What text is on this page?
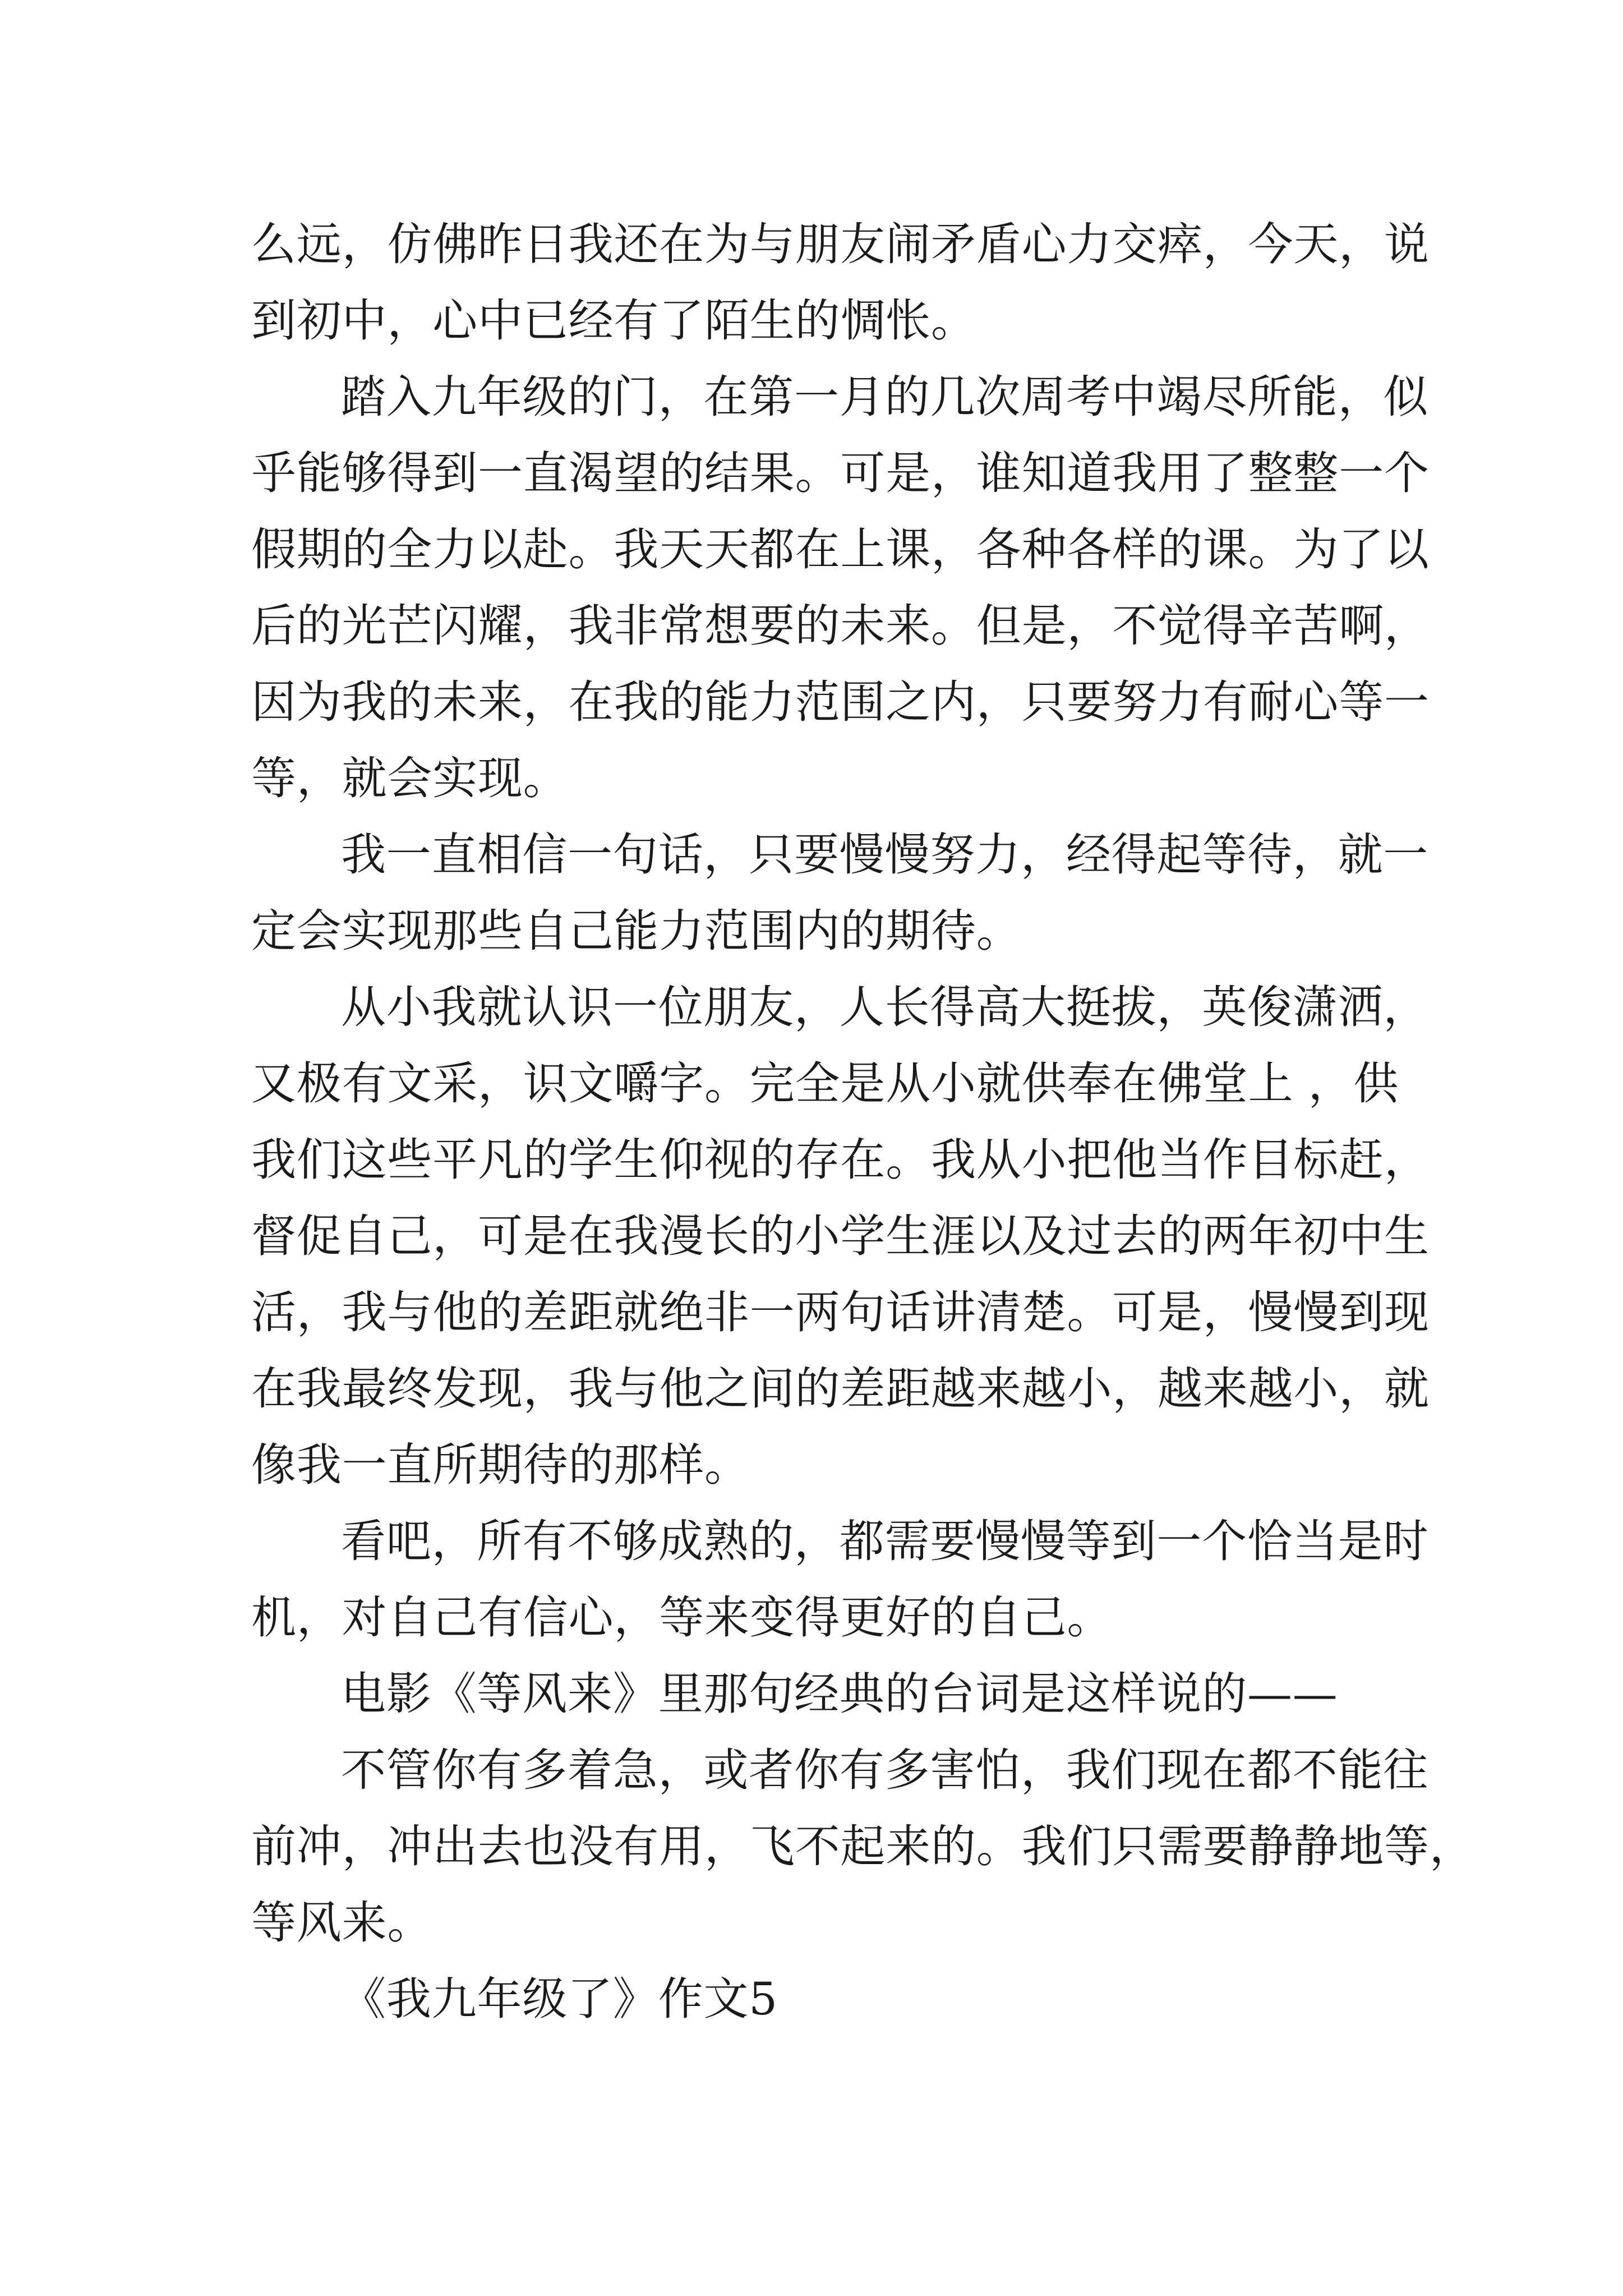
么远，仿佛昨日我还在为与朋友闹矛盾心力交瘁，今天，说
到初中，心中已经有了陌生的惆怅。
踏入九年级的门，在第一月的几次周考中竭尽所能，似
乎能够得到一直渴望的结果。可是，谁知道我用了整整一个
假期的全力以赴。我天天都在上课，各种各样的课。为了以
后的光芒闪耀，我非常想要的未来。但是，不觉得辛苦啊，
因为我的未来，在我的能力范围之内，只要努力有耐心等一
等，就会实现。
我一直相信一句话，只要慢慢努力，经得起等待，就一
定会实现那些自己能力范围内的期待。
从小我就认识一位朋友，人长得高大挺拔，英俊潇洒，
又极有文采，识文嚼字。完全是从小就供奉在佛堂上 ，供
我们这些平凡的学生仰视的存在。我从小把他当作目标赶，
督促自己，可是在我漫长的小学生涯以及过去的两年初中生
活，我与他的差距就绝非一两句话讲清楚。可是，慢慢到现
在我最终发现，我与他之间的差距越来越小，越来越小，就
像我一直所期待的那样。
看吧，所有不够成熟的，都需要慢慢等到一个恰当是时
机，对自己有信心，等来变得更好的自己。
电影《等风来》里那句经典的台词是这样说的——
不管你有多着急，或者你有多害怕，我们现在都不能往
前冲，冲出去也没有用，飞不起来的。我们只需要静静地等，
等风来。
《我九年级了》作文5
